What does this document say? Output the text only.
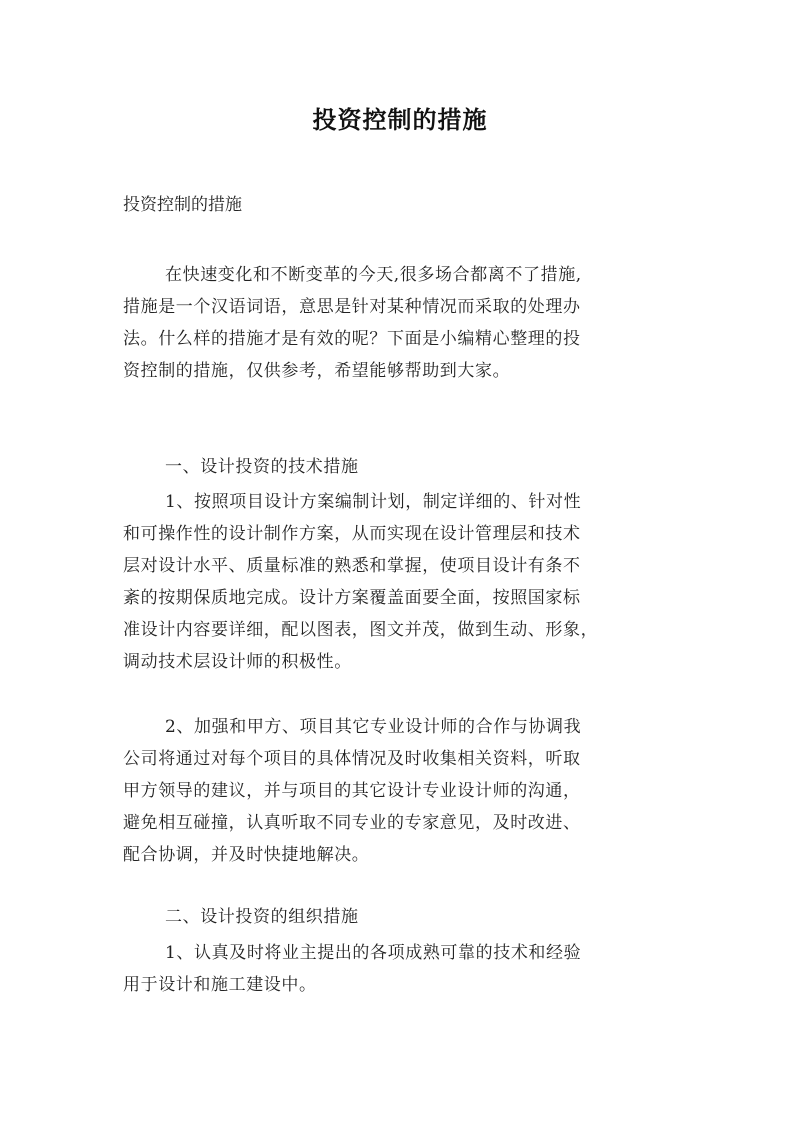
投资控制的措施
投资控制的措施
在快速变化和不断变革的今天,很多场合都离不了措施,
措施是一个汉语词语，意思是针对某种情况而采取的处理办
法。什么样的措施才是有效的呢？下面是小编精心整理的投
资控制的措施，仅供参考，希望能够帮助到大家。
一、设计投资的技术措施
1、按照项目设计方案编制计划，制定详细的、针对性
和可操作性的设计制作方案，从而实现在设计管理层和技术
层对设计水平、质量标准的熟悉和掌握，使项目设计有条不
紊的按期保质地完成。设计方案覆盖面要全面，按照国家标
准设计内容要详细，配以图表，图文并茂，做到生动、形象，
调动技术层设计师的积极性。
2、加强和甲方、项目其它专业设计师的合作与协调我
公司将通过对每个项目的具体情况及时收集相关资料，听取
甲方领导的建议，并与项目的其它设计专业设计师的沟通，
避免相互碰撞，认真听取不同专业的专家意见，及时改进、
配合协调，并及时快捷地解决。
二、设计投资的组织措施
1、认真及时将业主提出的各项成熟可靠的技术和经验
用于设计和施工建设中。
